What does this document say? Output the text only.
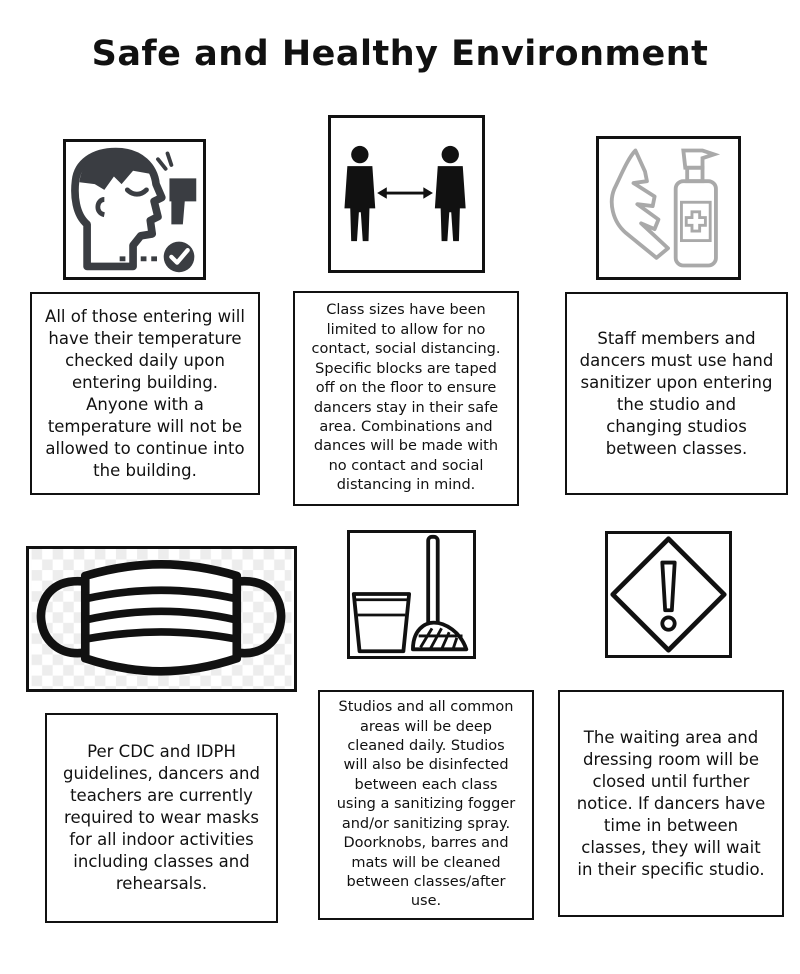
Safe and Healthy Environment

All of those entering will
have their temperature
checked daily upon
entering building.
Anyone with a
temperature will not be
allowed to continue into
the building.

Class sizes have been
limited to allow for no
contact, social distancing.
Specific blocks are taped
off on the floor to ensure
dancers stay in their safe
area. Combinations and
dances will be made with
no contact and social
distancing in mind.

Staff members and
dancers must use hand
sanitizer upon entering
the studio and
changing studios
between classes.

Per CDC and IDPH
guidelines, dancers and
teachers are currently
required to wear masks
for all indoor activities
including classes and
rehearsals.

Studios and all common
areas will be deep
cleaned daily. Studios
will also be disinfected
between each class
using a sanitizing fogger
and/or sanitizing spray.
Doorknobs, barres and
mats will be cleaned
between classes/after
use.

The waiting area and
dressing room will be
closed until further
notice. If dancers have
time in between
classes, they will wait
in their specific studio.
